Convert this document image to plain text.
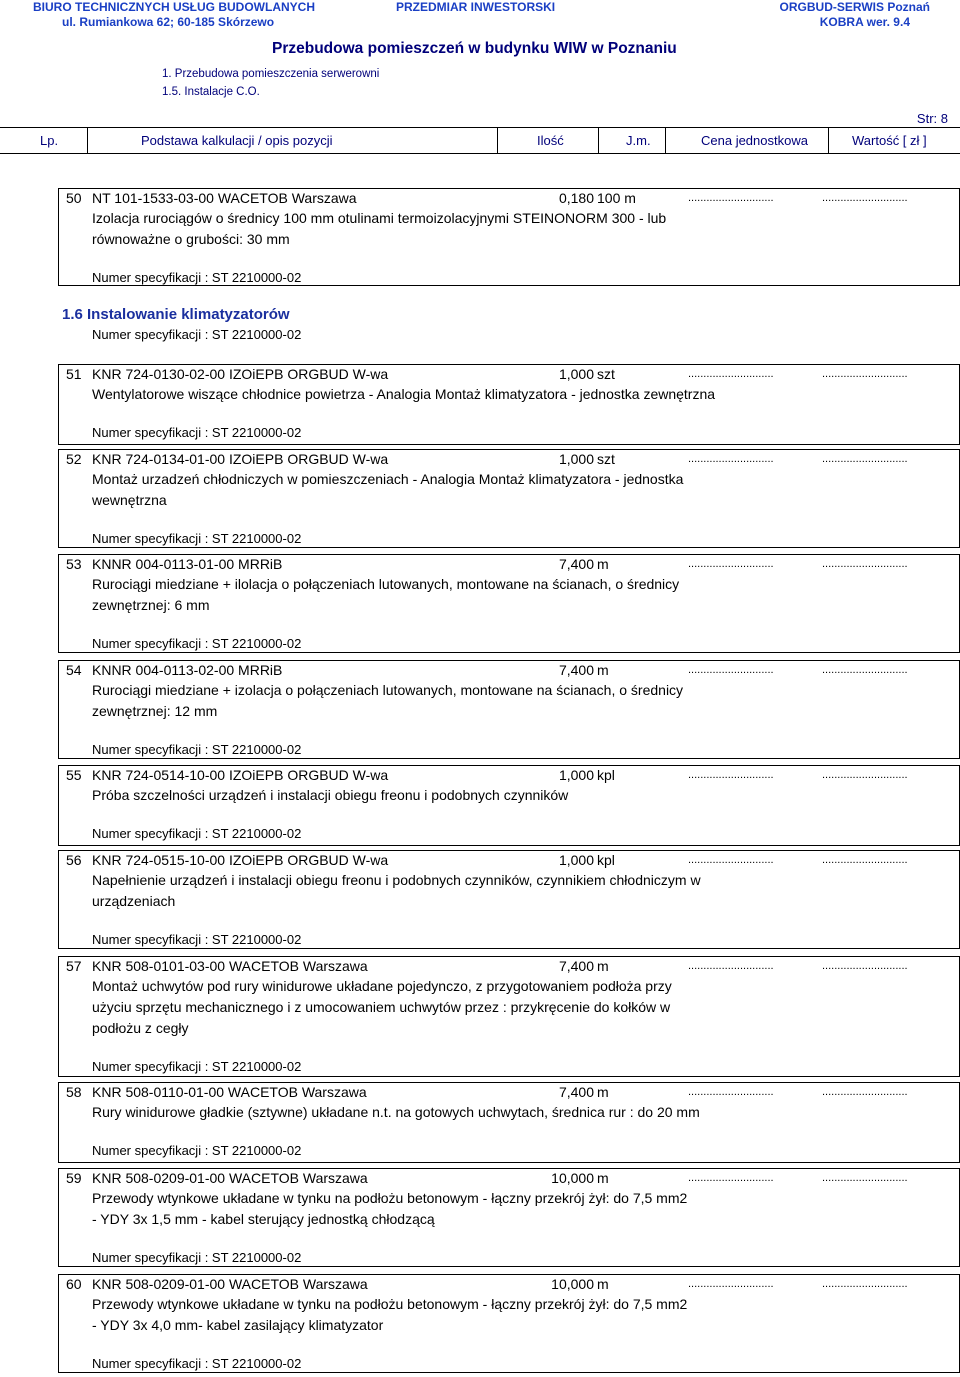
BIURO TECHNICZNYCH USŁUG BUDOWLANYCH
ul. Rumiankowa 62; 60-185 Skórzewo
PRZEDMIAR INWESTORSKI	ORGBUD-SERWIS Poznań
KOBRA wer. 9.4
Przebudowa pomieszczeń w budynku WIW w Poznaniu
1. Przebudowa pomieszczenia serwerowni
1.5. Instalacje C.O.
Str: 8
Lp.	Podstawa kalkulacji / opis pozycji	Ilość	J.m.	Cena jednostkowa	Wartość [ zł ]
50 NT 101-1533-03-00 WACETOB Warszawa	0,180 100 m	............................	............................
Izolacja rurociągów o średnicy 100 mm otulinami termoizolacyjnymi STEINONORM 300 - lub
równoważne o grubości: 30 mm
Numer specyfikacji : ST 2210000-02
51 KNR 724-0130-02-00 IZOiEPB ORGBUD W-wa	1,000 szt	............................	............................
Wentylatorowe wiszące chłodnice powietrza - Analogia Montaż klimatyzatora - jednostka zewnętrzna
Numer specyfikacji : ST 2210000-02
52 KNR 724-0134-01-00 IZOiEPB ORGBUD W-wa	1,000 szt	............................	............................
Montaż urzadzeń chłodniczych w pomieszczeniach - Analogia Montaż klimatyzatora - jednostka
wewnętrzna
Numer specyfikacji : ST 2210000-02
53 KNNR 004-0113-01-00 MRRiB	7,400 m	............................	............................
Rurociągi miedziane + ilolacja o połączeniach lutowanych, montowane na ścianach, o średnicy
zewnętrznej: 6 mm
Numer specyfikacji : ST 2210000-02
54 KNNR 004-0113-02-00 MRRiB	7,400 m	............................	............................
Rurociągi miedziane + izolacja o połączeniach lutowanych, montowane na ścianach, o średnicy
zewnętrznej: 12 mm
Numer specyfikacji : ST 2210000-02
55 KNR 724-0514-10-00 IZOiEPB ORGBUD W-wa	1,000 kpl	............................	............................
Próba szczelności urządzeń i instalacji obiegu freonu i podobnych czynników
Numer specyfikacji : ST 2210000-02
56 KNR 724-0515-10-00 IZOiEPB ORGBUD W-wa	1,000 kpl	............................	............................
Napełnienie urządzeń i instalacji obiegu freonu i podobnych czynników, czynnikiem chłodniczym w
urządzeniach
Numer specyfikacji : ST 2210000-02
57 KNR 508-0101-03-00 WACETOB Warszawa	7,400 m	............................	............................
Montaż uchwytów pod rury winidurowe układane pojedynczo, z przygotowaniem podłoża przy
użyciu sprzętu mechanicznego i z umocowaniem uchwytów przez : przykręcenie do kołków w
podłożu z cegły
Numer specyfikacji : ST 2210000-02
58 KNR 508-0110-01-00 WACETOB Warszawa	7,400 m	............................	............................
Rury winidurowe gładkie (sztywne) układane n.t. na gotowych uchwytach, średnica rur : do 20 mm
Numer specyfikacji : ST 2210000-02
59 KNR 508-0209-01-00 WACETOB Warszawa	10,000 m	............................	............................
Przewody wtynkowe układane w tynku na podłożu betonowym - łączny przekrój żył: do 7,5 mm2
- YDY 3x 1,5 mm - kabel sterujący jednostką chłodzącą
Numer specyfikacji : ST 2210000-02
60 KNR 508-0209-01-00 WACETOB Warszawa	10,000 m	............................	............................
Przewody wtynkowe układane w tynku na podłożu betonowym - łączny przekrój żył: do 7,5 mm2
- YDY 3x 4,0 mm- kabel zasilający klimatyzator
Numer specyfikacji : ST 2210000-02
1.6 Instalowanie klimatyzatorów
Numer specyfikacji : ST 2210000-02
